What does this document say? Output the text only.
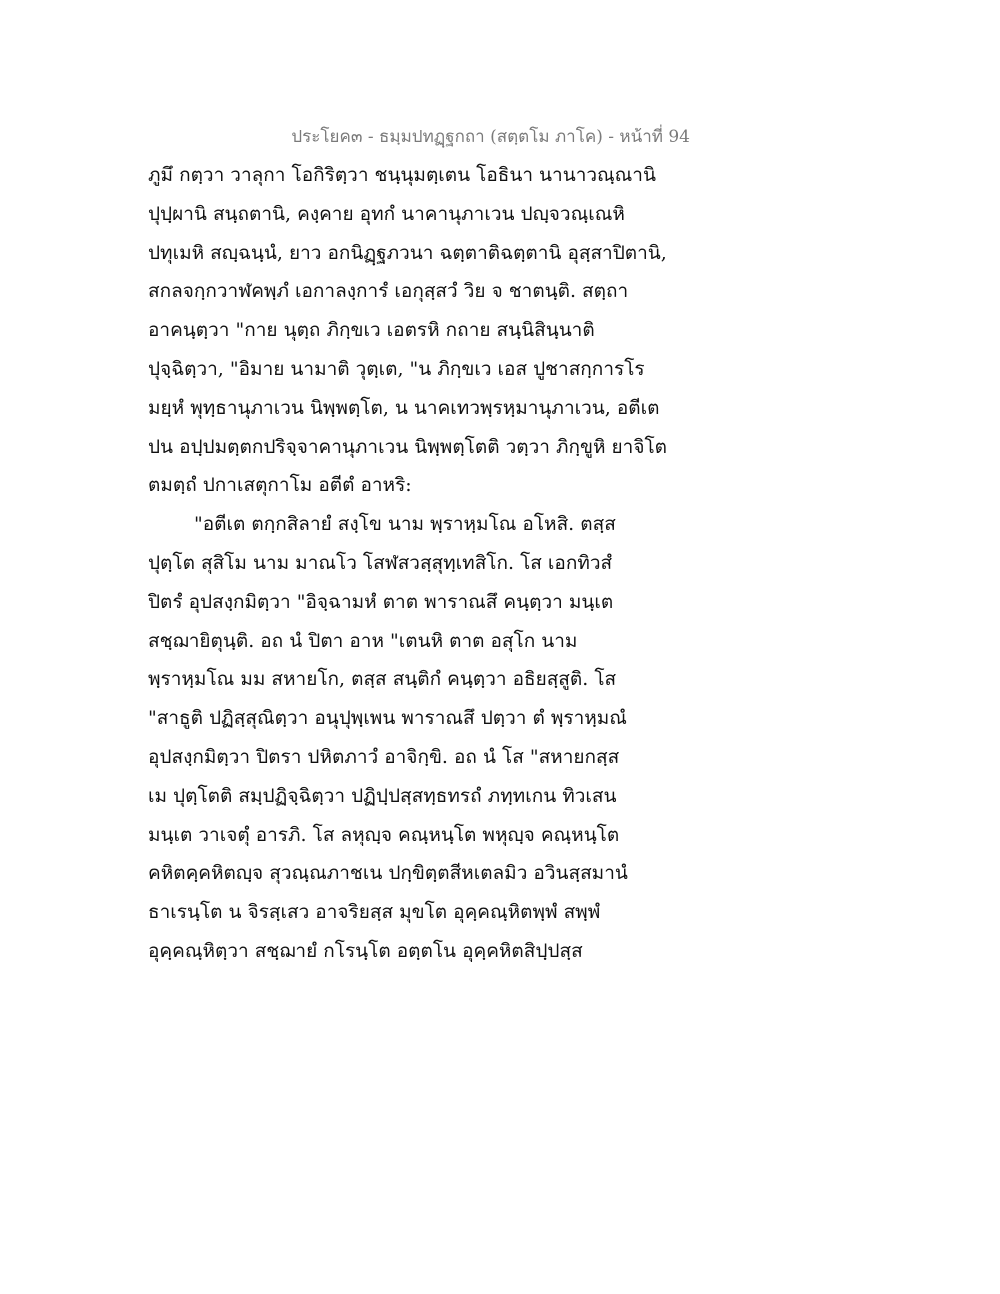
ประโยค๓ - ธมฺมปทฏฺฐกถา (สตฺตโม ภาโค) - หน้าที่ 94
ภูมึ กตฺวา วาลุกา โอกิริตฺวา ชนฺนุมตฺเตน โอธินา นานาวณฺณานิ
ปุปฺผานิ สนฺถตานิ, คงฺคาย อุทกํ นาคานุภาเวน ปญฺจวณฺเณหิ
ปทุเมหิ สญฺฉนฺนํ, ยาว อกนิฏฺฐภวนา ฉตฺตาติฉตฺตานิ อุสฺสาปิตานิ,
สกลจกฺกวาฬคพฺภํ เอกาลงฺการํ เอกุสฺสวํ วิย จ ชาตนฺติ. สตฺถา
อาคนฺตฺวา "กาย นุตฺถ ภิกฺขเว เอตรหิ กถาย สนฺนิสินฺนาติ
ปุจฺฉิตฺวา, "อิมาย นามาติ วุตฺเต, "น ภิกฺขเว เอส ปูชาสกฺการโร
มยฺหํ พุทฺธานุภาเวน นิพฺพตฺโต, น นาคเทวพฺรหฺมานุภาเวน, อตีเต
ปน อปฺปมตฺตกปริจฺจาคานุภาเวน นิพฺพตฺโตติ วตฺวา ภิกฺขูหิ ยาจิโต
ตมตฺถํ ปกาเสตุกาโม อตีตํ อาหริ:
"อตีเต ตกฺกสิลายํ สงฺโข นาม พฺราหฺมโณ อโหสิ. ตสฺส
ปุตฺโต สุสิโม นาม มาณโว โสฬสวสฺสุทฺเทสิโก. โส เอกทิวสํ
ปิตรํ อุปสงฺกมิตฺวา "อิจฺฉามหํ ตาต พาราณสึ คนฺตฺวา มนฺเต
สชฺฌายิตุนฺติ. อถ นํ ปิตา อาห "เตนหิ ตาต อสุโก นาม
พฺราหฺมโณ มม สหายโก, ตสฺส สนฺติกํ คนฺตฺวา อธิยสฺสูติ. โส
"สาธูติ ปฏิสฺสุณิตฺวา อนุปุพฺเพน พาราณสึ ปตฺวา ตํ พฺราหฺมณํ
อุปสงฺกมิตฺวา ปิตรา ปหิตภาวํ อาจิกฺขิ. อถ นํ โส "สหายกสฺส
เม ปุตฺโตติ สมฺปฏิจฺฉิตฺวา ปฏิปฺปสฺสทฺธทรถํ ภทฺทเกน ทิวเสน
มนฺเต วาเจตุํ อารภิ. โส ลหุญฺจ คณฺหนฺโต พหุญฺจ คณฺหนฺโต
คหิตคฺคหิตญฺจ สุวณฺณภาชเน ปกฺขิตฺตสีหเตลมิว อวินสฺสมานํ
ธาเรนฺโต น จิรสฺเสว อาจริยสฺส มุขโต อุคฺคณฺหิตพฺพํ สพฺพํ
อุคฺคณฺหิตฺวา สชฺฌายํ กโรนฺโต อตฺตโน อุคฺคหิตสิปฺปสฺส
